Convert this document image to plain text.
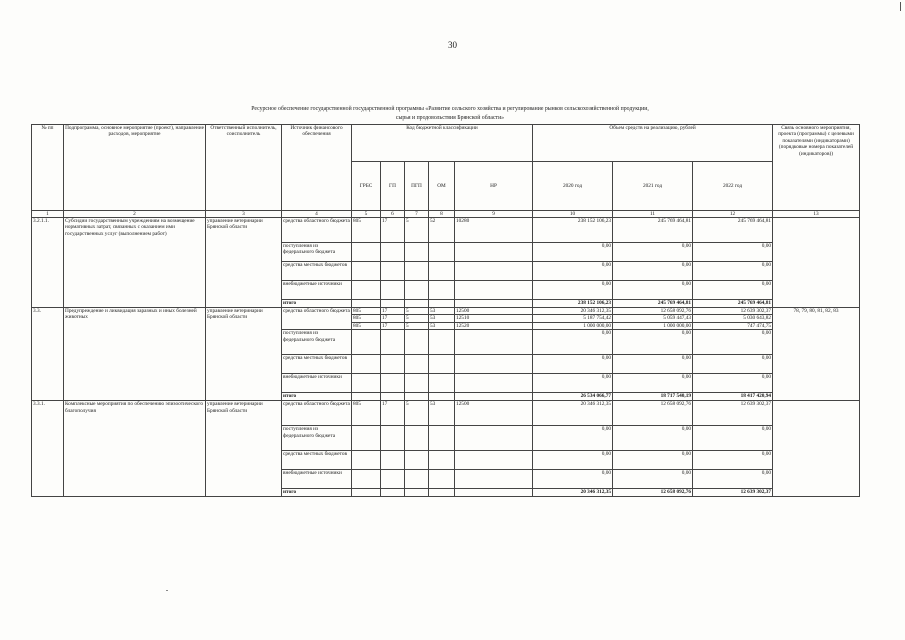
30
Ресурсное обеспечение государственной государственной программы «Развитие сельского хозяйства и регулирование рынков сельскохозяйственной продукции,
сырья и продовольствия Брянской области»
№ пп	Подпрограмма, основное мероприятие (проект), направление расходов, мероприятие	Ответственный исполнитель, соисполнитель	Источник финансового обеспечения	Код бюджетной классификации					Объем средств на реализацию, рублей			Связь основного мероприятия, проекта (программы) с целевыми показателями (индикаторами) (порядковые номера показателей (индикаторов))
				ГРБС	ГП	ПГП	ОМ	НР	2020 год	2021 год	2022 год	
1	2	3	4	5	6	7	8	9	10	11	12	13
3.2.1.1.	Субсидии государственным учреждениям на возмещение нормативных затрат, связанных с оказанием ими государственных услуг (выполнением работ)	управление ветеринарии Брянской области	средства областного бюджета	805	17	5	52	10280	238 152 106,23	245 769 464,81	245 769 464,81	
			поступления из федерального бюджета						0,00	0,00	0,00	
			средства местных бюджетов						0,00	0,00	0,00	
			внебюджетные источники						0,00	0,00	0,00	
			итого						238 152 106,23	245 769 464,81	245 769 464,81	
3.3.	Предупреждение и ликвидация заразных и иных болезней животных	управление ветеринарии Брянской области	средства областного бюджета	805	17	5	53	12500	20 346 312,35	12 658 092,76	12 639 302,37	78, 79, 80, 81, 82, 83
				805	17	5	53	12510	5 187 754,42	5 059 447,43	5 030 643,82	
				805	17	5	53	12520	1 000 000,00	1 000 000,00	747 474,75	
			поступления из федерального бюджета						0,00	0,00	0,00	
			средства местных бюджетов						0,00	0,00	0,00	
			внебюджетные источники						0,00	0,00	0,00	
			итого						26 534 066,77	18 717 540,19	18 417 420,94	

3.3.1.	Комплексные мероприятия по обеспечению эпизоотического благополучия	управление ветеринарии Брянской области	средства областного бюджета	805	17	5	53	12500	20 346 312,35	12 658 092,76	12 639 302,37	
			поступления из федерального бюджета						0,00	0,00	0,00	
			средства местных бюджетов						0,00	0,00	0,00	
			внебюджетные источники						0,00	0,00	0,00	
			итого						20 346 312,35	12 658 092,76	12 639 302,37	
